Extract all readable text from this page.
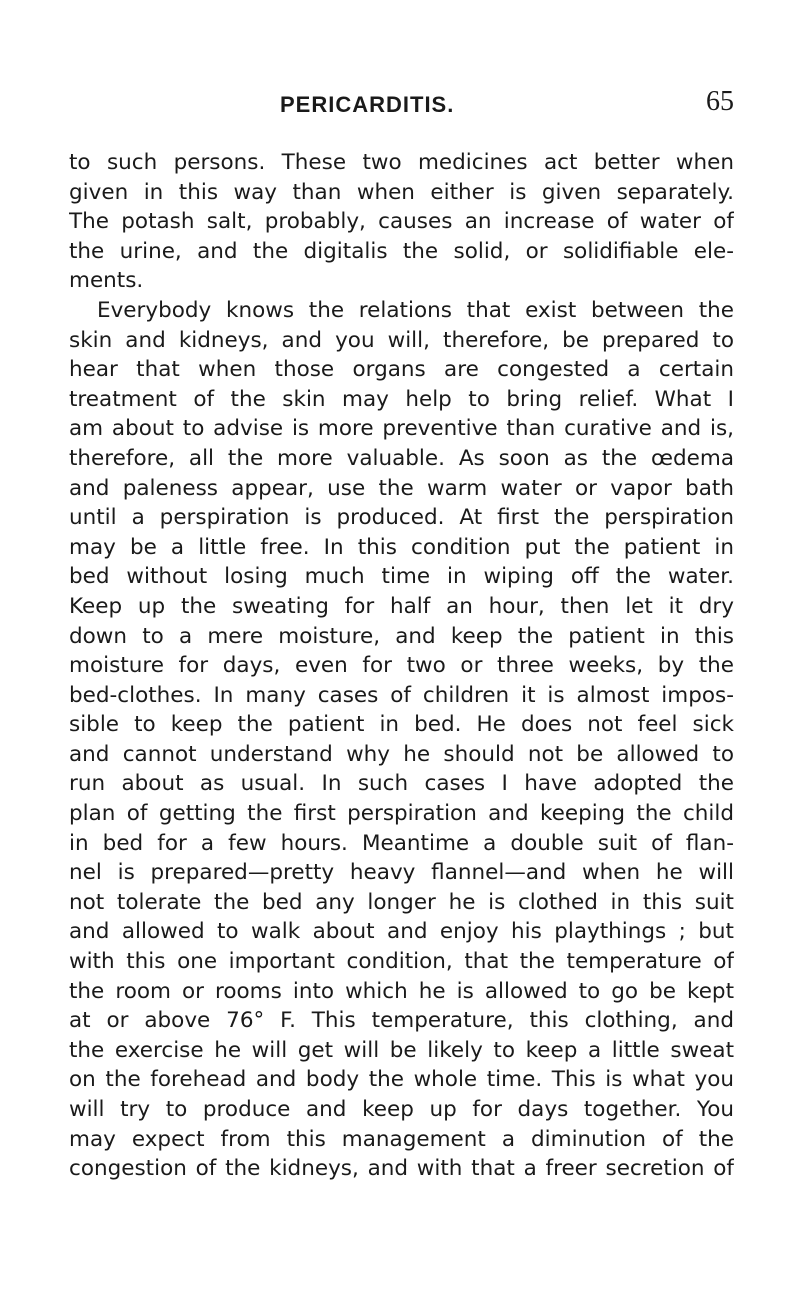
PERICARDITIS.	65
to such persons. These two medicines act better when
given in this way than when either is given separately.
The potash salt, probably, causes an increase of water of
the urine, and the digitalis the solid, or solidifiable ele-
ments.
Everybody knows the relations that exist between the
skin and kidneys, and you will, therefore, be prepared to
hear that when those organs are congested a certain
treatment of the skin may help to bring relief. What I
am about to advise is more preventive than curative and is,
therefore, all the more valuable. As soon as the œdema
and paleness appear, use the warm water or vapor bath
until a perspiration is produced. At first the perspiration
may be a little free. In this condition put the patient in
bed without losing much time in wiping off the water.
Keep up the sweating for half an hour, then let it dry
down to a mere moisture, and keep the patient in this
moisture for days, even for two or three weeks, by the
bed-clothes. In many cases of children it is almost impos-
sible to keep the patient in bed. He does not feel sick
and cannot understand why he should not be allowed to
run about as usual. In such cases I have adopted the
plan of getting the first perspiration and keeping the child
in bed for a few hours. Meantime a double suit of flan-
nel is prepared—pretty heavy flannel—and when he will
not tolerate the bed any longer he is clothed in this suit
and allowed to walk about and enjoy his playthings ; but
with this one important condition, that the temperature of
the room or rooms into which he is allowed to go be kept
at or above 76° F. This temperature, this clothing, and
the exercise he will get will be likely to keep a little sweat
on the forehead and body the whole time. This is what you
will try to produce and keep up for days together. You
may expect from this management a diminution of the
congestion of the kidneys, and with that a freer secretion of
